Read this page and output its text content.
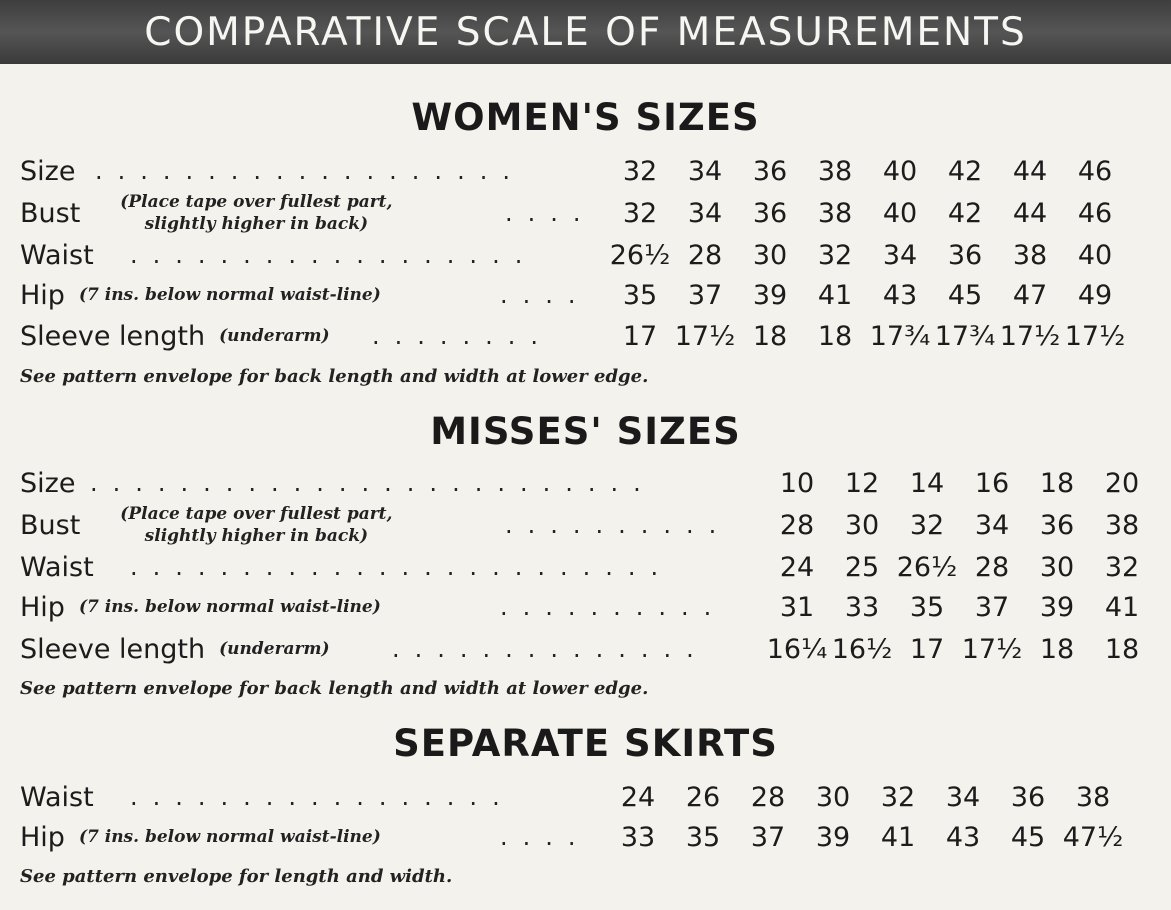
COMPARATIVE SCALE OF MEASUREMENTS
WOMEN'S SIZES
Size ...................	32	34	36	38	40	42	44	46
Bust (Place tape over fullest part,
slightly higher in back)	....	32	34	36	38	40	42	44	46
Waist ..................	26½ 28	30	32	34	36	38	40
Hip (7 ins. below normal waist-line)	....	35	37	39	41	43	45	47	49
Sleeve length (underarm) ........	17 17½ 18	18 17¾ 17¾ 17½ 17½
See pattern envelope for back length and width at lower edge.
MISSES' SIZES
Size .........................	10	12	14	16	18	20
Bust (Place tape over fullest part,
slightly higher in back)	..........	28	30	32	34	36	38
Waist ........................	24	25 26½ 28	30	32
Hip (7 ins. below normal waist-line)	..........	31	33	35	37	39	41
Sleeve length (underarm)	..............	16¼ 16½ 17 17½ 18	18
See pattern envelope for back length and width at lower edge.
SEPARATE SKIRTS
Waist .................	24	26	28	30	32	34	36	38
Hip (7 ins. below normal waist-line)	....	33	35	37	39	41	43	45 47½
See pattern envelope for length and width.
